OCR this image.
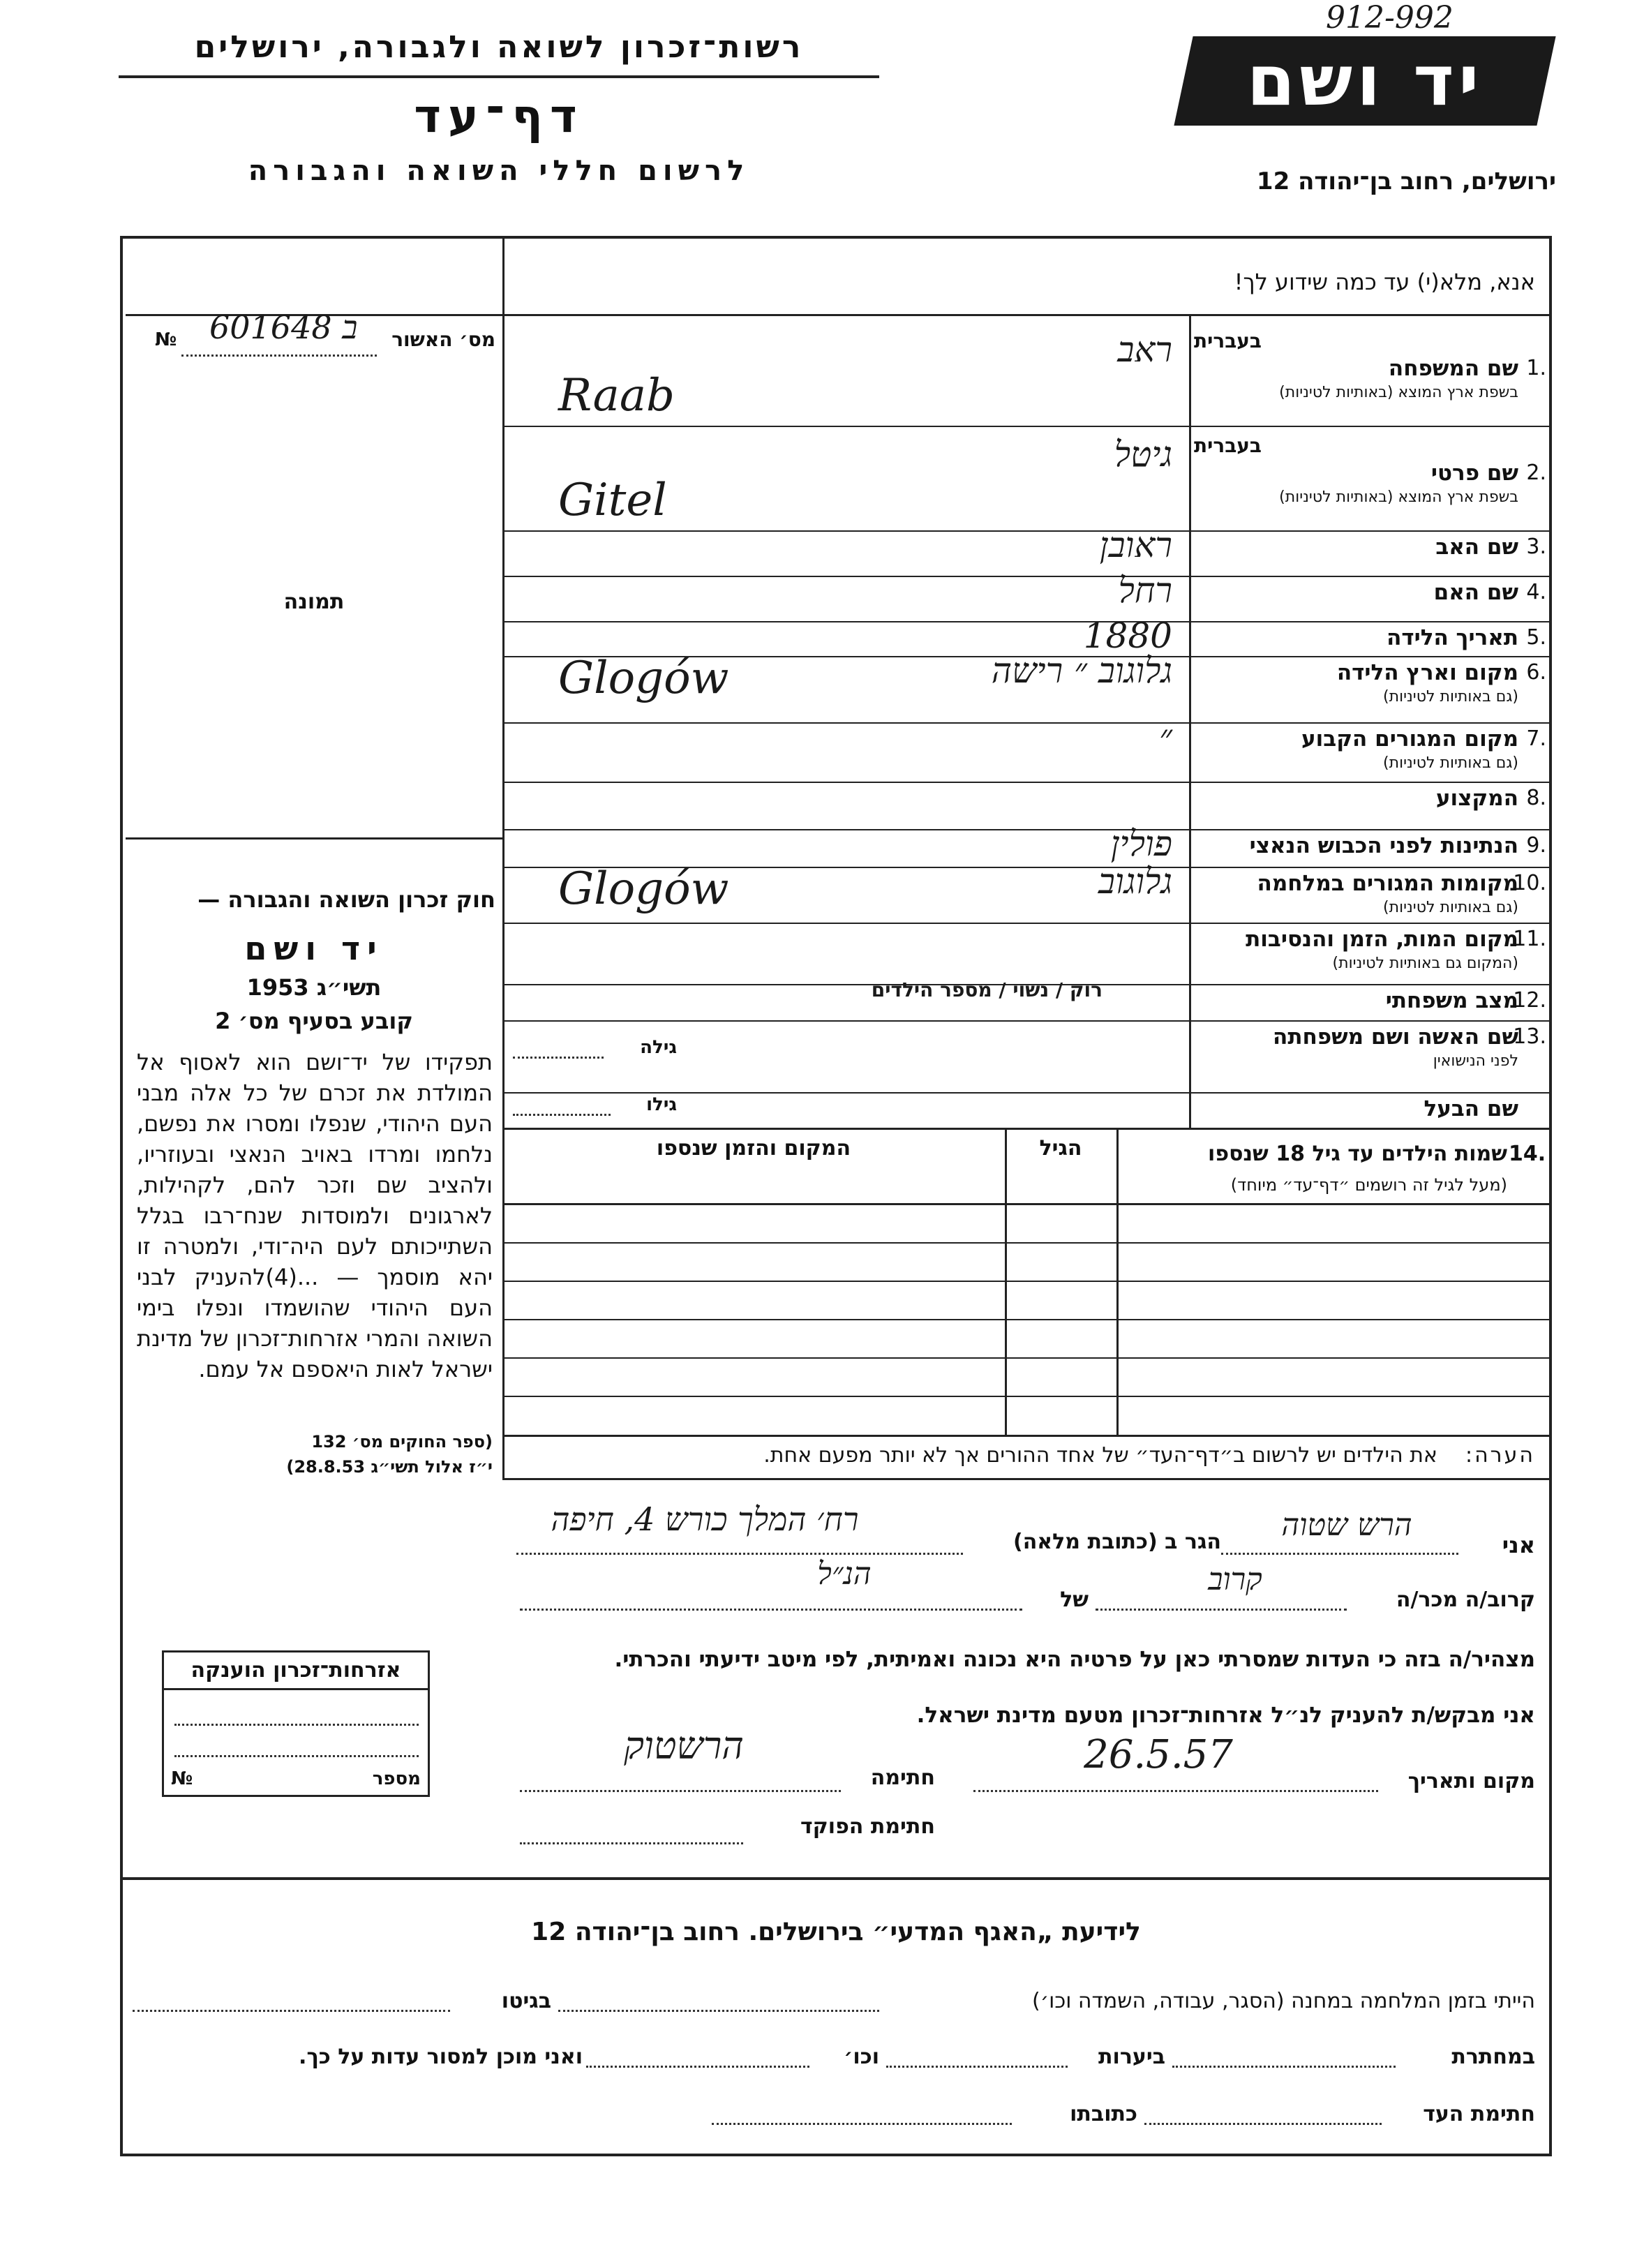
912-992
רשות־זכרון לשואה ולגבורה, ירושלים
דף־עד
לרשום חללי השואה והגבורה
יד ושם
ירושלים, רחוב בן־יהודה 12
מס׳ האשור
ב 601648
№
תמונה
חוק זכרון השואה והגבורה —
יד ושם
תשי״ג 1953
קובע בסעיף מס׳ 2
תפקידו של יד־ושם הוא לאסוף אל המולדת את זכרם של כל אלה מבני העם היהודי, שנפלו ומסרו את נפשם, נלחמו ומרדו באויב הנאצי ובעוזריו, ולהציב שם וזכר להם, לקהילות, לארגונים ולמוסדות שנח־רבו בגלל השתייכותם לעם היה־ודי, ולמטרה זו יהא מוסמך — ...(4)להעניק לבני העם היהודי שהושמדו ונפלו בימי השואה והמרי אזרחות־זכרון של מדינת ישראל לאות היאספם אל עמם.
(ספר החוקים מס׳ 132
י״ז אלול תשי״ג 28.8.53)
אזרחות־זכרון הוענקה
№	מספר
אנא, מלא(י) עד כמה שידוע לך!
בעברית
1.
שם המשפחה
בשפת ארץ המוצא (באותיות לטיניות)
ראב
Raab
בעברית
2.
שם פרטי
בשפת ארץ המוצא (באותיות לטיניות)
גיטל
Gitel
3.
שם האב
ראובן
4.
שם האם
רחל
5.
תאריך הלידה
1880
6.
מקום וארץ הלידה
(גם באותיות לטיניות)
גלוגוב ״ רישה
Glogów
7.
מקום המגורים הקבוע
(גם באותיות לטיניות)
״
8.
המקצוע
9.
הנתינות לפני הכבוש הנאצי
פולין
10.
מקומות המגורים במלחמה
(גם באותיות לטיניות)
גלוגוב
Glogów
11.
מקום המות, הזמן והנסיבות
(המקום גם באותיות לטיניות)
12.
מצב משפחתי
רוק / נשוי / מספר הילדים
13.
שם האשה ושם משפחתה
לפני הנישואין
שם הבעל
שמות הילדים עד גיל 18 שנספו 14.
(מעל לגיל זה רושמים ״דף־עד״ מיוחד)
הגיל
המקום והזמן שנספו
גילה
גילו
את הילדים יש לרשום ב״דף־העד״ של אחד ההורים אך לא יותר מפעם אחת.	הערה:
אני
הרש שטוה
הגר ב (כתובת מלאה)
רח׳ המלך כורש 4, חיפה
קרוב/ה מכר/ה
קרוב
של
הנ״ל
מצהיר/ה בזה כי העדות שמסרתי כאן על פרטיה היא נכונה ואמיתית, לפי מיטב ידיעתי והכרתי.
אני מבקש/ת להעניק לנ״ל אזרחות־זכרון מטעם מדינת ישראל.
מקום ותאריך
26.5.57
חתימה
הרשטוק
חתימת הפוקד
לידיעת „האגף המדעי״ בירושלים. רחוב בן־יהודה 12
הייתי בזמן המלחמה במחנה (הסגר, עבודה, השמדה וכו׳)
בגיטו
במחתרת
ביערות
וכו׳
ואני מוכן למסור עדות על כך.
חתימת העד
כתובתו
